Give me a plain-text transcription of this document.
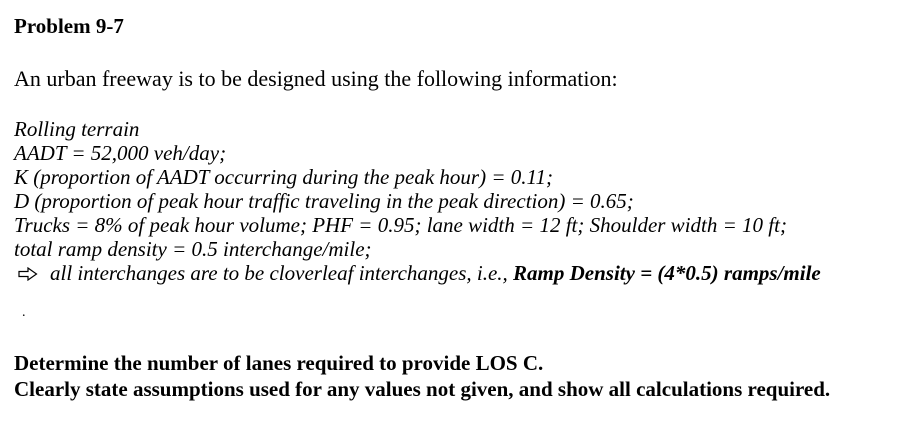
Problem 9-7
An urban freeway is to be designed using the following information:
Rolling terrain
AADT = 52,000 veh/day;
K (proportion of AADT occurring during the peak hour) = 0.11;
D (proportion of peak hour traffic traveling in the peak direction) = 0.65;
Trucks = 8% of peak hour volume; PHF = 0.95; lane width = 12 ft; Shoulder width = 10 ft;
total ramp density = 0.5 interchange/mile;
all interchanges are to be cloverleaf interchanges, i.e., Ramp Density = (4*0.5) ramps/mile
.
Determine the number of lanes required to provide LOS C.
Clearly state assumptions used for any values not given, and show all calculations required.
